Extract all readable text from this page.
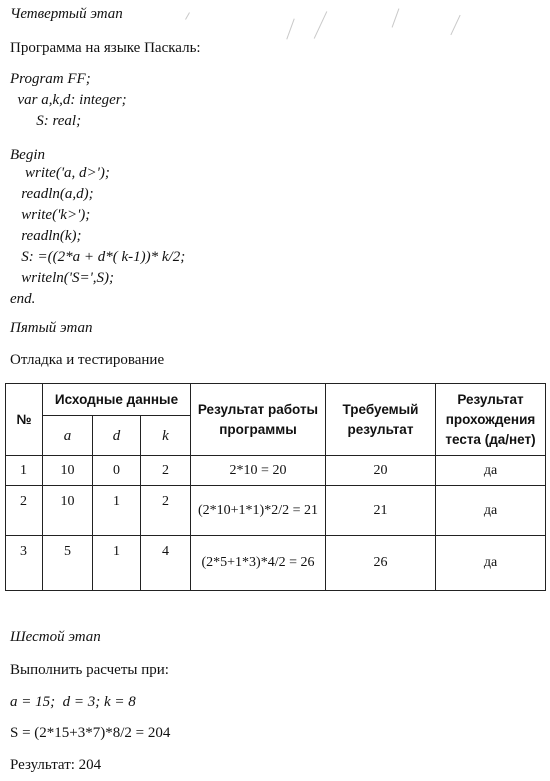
Четвертый этап
Программа на языке Паскаль:
Program FF;
var a,k,d: integer;
S: real;
Begin
write('a, d>');
readln(a,d);
write('k>');
readln(k);
S: =((2*a + d*( k-1))* k/2;
writeln('S=',S);
end.
Пятый этап
Отладка и тестирование
№	Исходные данные			Результат работы программы	Требуемый результат	Результат прохождения теста (да/нет)
	a	d	k			
1	10	0	2	2*10 = 20	20	да
2	10	1	2	(2*10+1*1)*2/2 = 21	21	да
3	5	1	4	(2*5+1*3)*4/2 = 26	26	да
Шестой этап
Выполнить расчеты при:
a = 15;  d = 3; k = 8
S = (2*15+3*7)*8/2 = 204
Результат: 204
